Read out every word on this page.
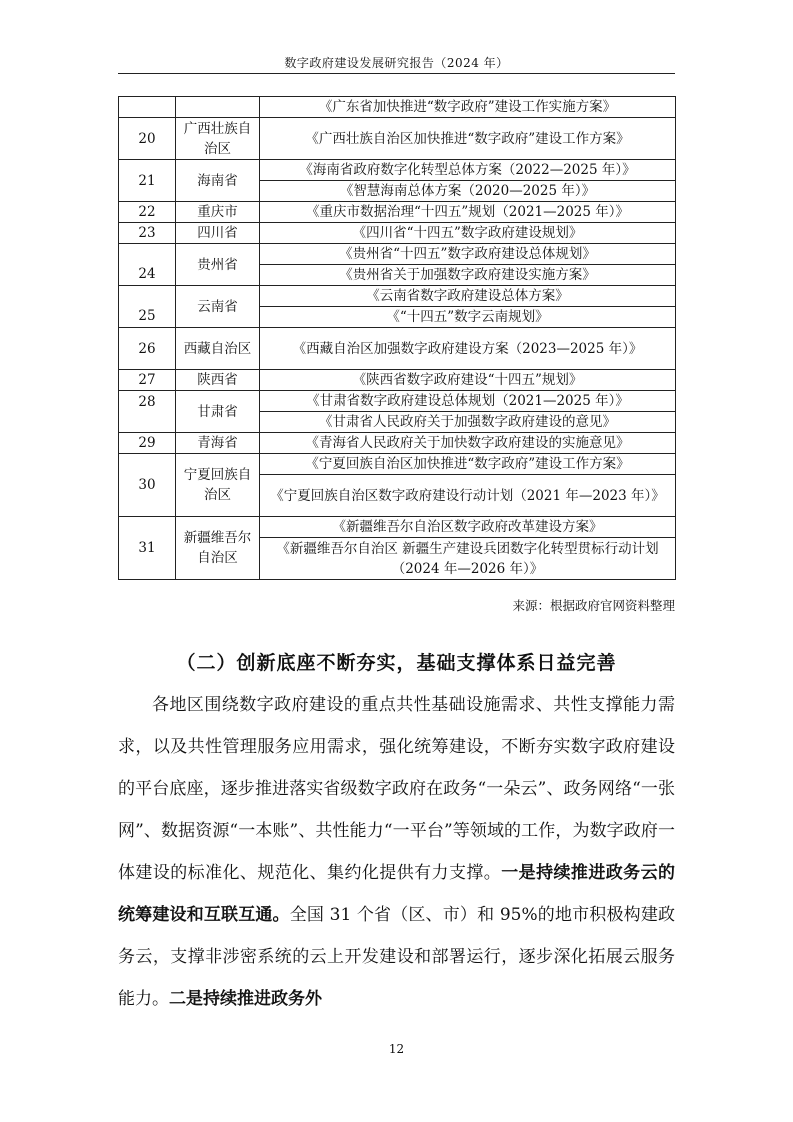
数字政府建设发展研究报告（2024 年）
		《广东省加快推进“数字政府”建设工作实施方案》
20	广西壮族自治区	《广西壮族自治区加快推进“数字政府”建设工作方案》
21	海南省	《海南省政府数字化转型总体方案（2022—2025 年）》
		《智慧海南总体方案（2020—2025 年）》
22	重庆市	《重庆市数据治理“十四五”规划（2021—2025 年）》
23	四川省	《四川省“十四五”数字政府建设规划》
24	贵州省	《贵州省“十四五”数字政府建设总体规划》
		《贵州省关于加强数字政府建设实施方案》
25	云南省	《云南省数字政府建设总体方案》
		《“十四五”数字云南规划》
26	西藏自治区	《西藏自治区加强数字政府建设方案（2023—2025 年）》
27	陕西省	《陕西省数字政府建设“十四五”规划》
28	甘肃省	《甘肃省数字政府建设总体规划（2021—2025 年）》
		《甘肃省人民政府关于加强数字政府建设的意见》
29	青海省	《青海省人民政府关于加快数字政府建设的实施意见》
30	宁夏回族自治区	《宁夏回族自治区加快推进“数字政府”建设工作方案》
		《宁夏回族自治区数字政府建设行动计划（2021 年—2023 年）》
31	新疆维吾尔自治区	《新疆维吾尔自治区数字政府改革建设方案》
		《新疆维吾尔自治区 新疆生产建设兵团数字化转型贯标行动计划（2024 年—2026 年）》
来源：根据政府官网资料整理
（二）创新底座不断夯实，基础支撑体系日益完善
各地区围绕数字政府建设的重点共性基础设施需求、共性支撑能力需求，以及共性管理服务应用需求，强化统筹建设，不断夯实数字政府建设的平台底座，逐步推进落实省级数字政府在政务“一朵云”、政务网络“一张网”、数据资源“一本账”、共性能力“一平台”等领域的工作，为数字政府一体建设的标准化、规范化、集约化提供有力支撑。一是持续推进政务云的统筹建设和互联互通。全国 31 个省（区、市）和 95%的地市积极构建政务云，支撑非涉密系统的云上开发建设和部署运行，逐步深化拓展云服务能力。二是持续推进政务外
12
